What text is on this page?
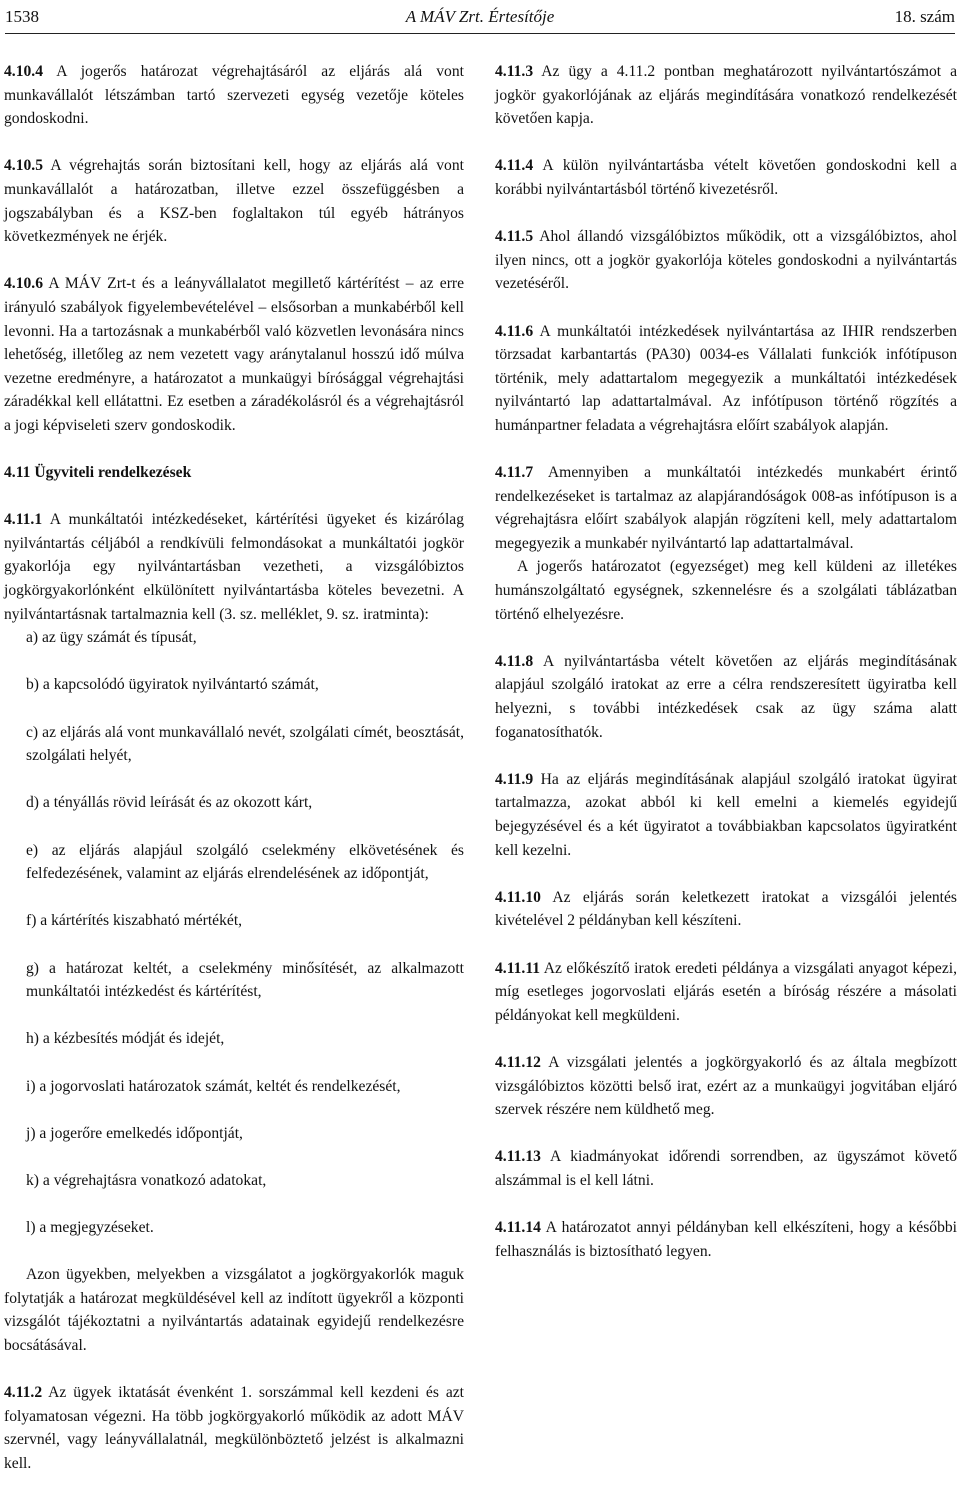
1538	A MÁV Zrt. Értesítője	18. szám

4.10.4 A jogerős határozat végrehajtásáról az eljárás alá vont munkavállalót létszámban tartó szervezeti egység vezetője köteles gondoskodni.

4.10.5 A végrehajtás során biztosítani kell, hogy az eljárás alá vont munkavállalót a határozatban, illetve ezzel összefüggésben a jogszabályban és a KSZ-ben foglaltakon túl egyéb hátrányos következmények ne érjék.

4.10.6 A MÁV Zrt-t és a leányvállalatot megillető kártérítést – az erre irányuló szabályok figyelembevételével – elsősorban a munkabérből kell levonni. Ha a tartozásnak a munkabérből való közvetlen levonására nincs lehetőség, illetőleg az nem vezetett vagy aránytalanul hosszú idő múlva vezetne eredményre, a határozatot a munkaügyi bírósággal végrehajtási záradékkal kell ellátattni. Ez esetben a záradékolásról és a végrehajtásról a jogi képviseleti szerv gondoskodik.

4.11 Ügyviteli rendelkezések

4.11.1 A munkáltatói intézkedéseket, kártérítési ügyeket és kizárólag nyilvántartás céljából a rendkívüli felmondásokat a munkáltatói jogkör gyakorlója egy nyilvántartásban vezetheti, a vizsgálóbiztos jogkörgyakorlónként elkülönített nyilvántartásba köteles bevezetni. A nyilvántartásnak tartalmaznia kell (3. sz. melléklet, 9. sz. iratminta):

a) az ügy számát és típusát,

b) a kapcsolódó ügyiratok nyilvántartó számát,

c) az eljárás alá vont munkavállaló nevét, szolgálati címét, beosztását, szolgálati helyét,

d) a tényállás rövid leírását és az okozott kárt,

e) az eljárás alapjául szolgáló cselekmény elkövetésének és felfedezésének, valamint az eljárás elrendelésének az időpontját,

f) a kártérítés kiszabható mértékét,

g) a határozat keltét, a cselekmény minősítését, az alkalmazott munkáltatói intézkedést és kártérítést,

h) a kézbesítés módját és idejét,

i) a jogorvoslati határozatok számát, keltét és rendelkezését,

j) a jogerőre emelkedés időpontját,

k) a végrehajtásra vonatkozó adatokat,

l) a megjegyzéseket.

Azon ügyekben, melyekben a vizsgálatot a jogkörgyakorlók maguk folytatják a határozat megküldésével kell az indított ügyekről a központi vizsgálót tájékoztatni a nyilvántartás adatainak egyidejű rendelkezésre bocsátásával.

4.11.2 Az ügyek iktatását évenként 1. sorszámmal kell kezdeni és azt folyamatosan végezni. Ha több jogkörgyakorló működik az adott MÁV szervnél, vagy leányvállalatnál, megkülönböztető jelzést is alkalmazni kell.

4.11.3 Az ügy a 4.11.2 pontban meghatározott nyilvántartószámot a jogkör gyakorlójának az eljárás megindítására vonatkozó rendelkezését követően kapja.

4.11.4 A külön nyilvántartásba vételt követően gondoskodni kell a korábbi nyilvántartásból történő kivezetésről.

4.11.5 Ahol állandó vizsgálóbiztos működik, ott a vizsgálóbiztos, ahol ilyen nincs, ott a jogkör gyakorlója köteles gondoskodni a nyilvántartás vezetéséről.

4.11.6 A munkáltatói intézkedések nyilvántartása az IHIR rendszerben törzsadat karbantartás (PA30) 0034-es Vállalati funkciók infótípuson történik, mely adattartalom megegyezik a munkáltatói intézkedések nyilvántartó lap adattartalmával. Az infótípuson történő rögzítés a humánpartner feladata a végrehajtásra előírt szabályok alapján.

4.11.7 Amennyiben a munkáltatói intézkedés munkabért érintő rendelkezéseket is tartalmaz az alapjárandóságok 008-as infótípuson is a végrehajtásra előírt szabályok alapján rögzíteni kell, mely adattartalom megegyezik a munkabér nyilvántartó lap adattartalmával.

A jogerős határozatot (egyezséget) meg kell küldeni az illetékes humánszolgáltató egységnek, szkennelésre és a szolgálati táblázatban történő elhelyezésre.

4.11.8 A nyilvántartásba vételt követően az eljárás megindításának alapjául szolgáló iratokat az erre a célra rendszeresített ügyiratba kell helyezni, s további intézkedések csak az ügy száma alatt foganatosíthatók.

4.11.9 Ha az eljárás megindításának alapjául szolgáló iratokat ügyirat tartalmazza, azokat abból ki kell emelni a kiemelés egyidejű bejegyzésével és a két ügyiratot a továbbiakban kapcsolatos ügyiratként kell kezelni.

4.11.10 Az eljárás során keletkezett iratokat a vizsgálói jelentés kivételével 2 példányban kell készíteni.

4.11.11 Az előkészítő iratok eredeti példánya a vizsgálati anyagot képezi, míg esetleges jogorvoslati eljárás esetén a bíróság részére a másolati példányokat kell megküldeni.

4.11.12 A vizsgálati jelentés a jogkörgyakorló és az általa megbízott vizsgálóbiztos közötti belső irat, ezért az a munkaügyi jogvitában eljáró szervek részére nem küldhető meg.

4.11.13 A kiadmányokat időrendi sorrendben, az ügyszámot követő alszámmal is el kell látni.

4.11.14 A határozatot annyi példányban kell elkészíteni, hogy a későbbi felhasználás is biztosítható legyen.
